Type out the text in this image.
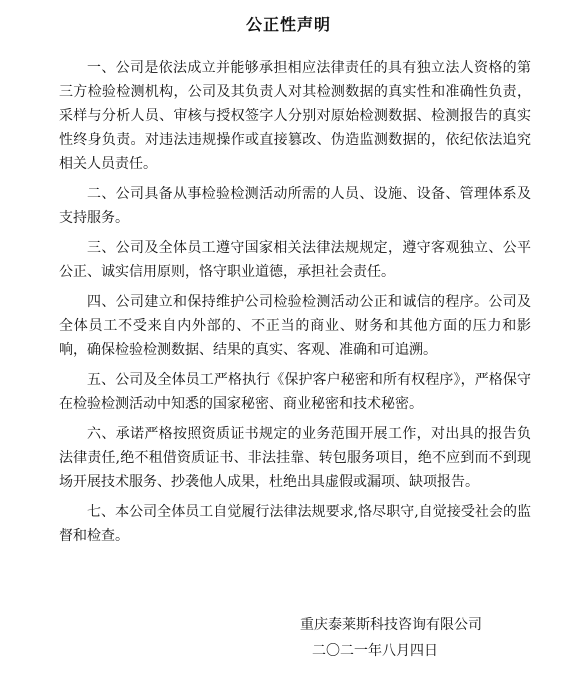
公正性声明

一、公司是依法成立并能够承担相应法律责任的具有独立法人资格的第三方检验检测机构，公司及其负责人对其检测数据的真实性和准确性负责，采样与分析人员、审核与授权签字人分别对原始检测数据、检测报告的真实性终身负责。对违法违规操作或直接篡改、伪造监测数据的，依纪依法追究相关人员责任。

二、公司具备从事检验检测活动所需的人员、设施、设备、管理体系及支持服务。

三、公司及全体员工遵守国家相关法律法规规定，遵守客观独立、公平公正、诚实信用原则，恪守职业道德，承担社会责任。

四、公司建立和保持维护公司检验检测活动公正和诚信的程序。公司及全体员工不受来自内外部的、不正当的商业、财务和其他方面的压力和影响，确保检验检测数据、结果的真实、客观、准确和可追溯。

五、公司及全体员工严格执行《保护客户秘密和所有权程序》，严格保守在检验检测活动中知悉的国家秘密、商业秘密和技术秘密。

六、承诺严格按照资质证书规定的业务范围开展工作，对出具的报告负法律责任,绝不租借资质证书、非法挂靠、转包服务项目，绝不应到而不到现场开展技术服务、抄袭他人成果，杜绝出具虚假或漏项、缺项报告。

七、本公司全体员工自觉履行法律法规要求,恪尽职守,自觉接受社会的监督和检查。

重庆泰莱斯科技咨询有限公司
二〇二一年八月四日
